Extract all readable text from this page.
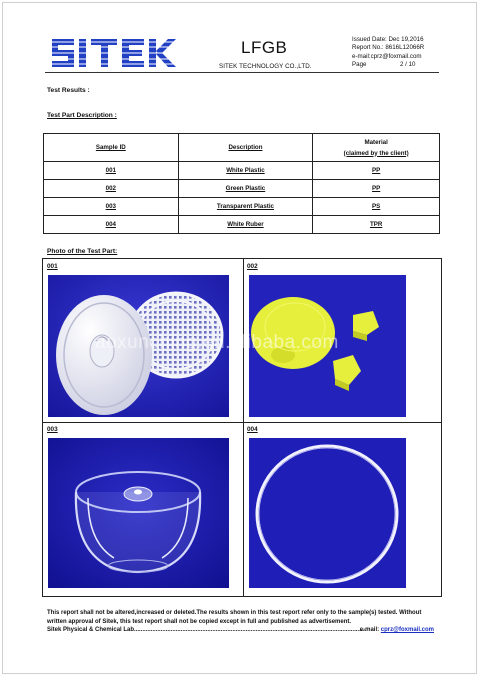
LFGB
SITEK TECHNOLOGY CO.,LTD.
Issued Date: Dec 19,2016
Report No.: 8616L12066R
e-mail:cprz@foxmail.com
Page	2 / 10
Test Results :
Test Part Description :
Sample ID	Description	Material
(claimed by the client)

001	White Plastic	PP
002	Green Plastic	PP
003	Transparent Plastic	PS
004	White Ruber	TPR
Photo of the Test Part:
001	002
003	004
aoxunching.en.alibaba.com
This report shall not be altered,increased or deleted.The results shown in this test report refer only to the sample(s) tested. Without
written approval of Sitek, this test report shall not be copied except in full and published as advertisement.
Sitek Physical & Chemical Lab...........................................................................................................................................
e-mail: cprz@foxmail.com
